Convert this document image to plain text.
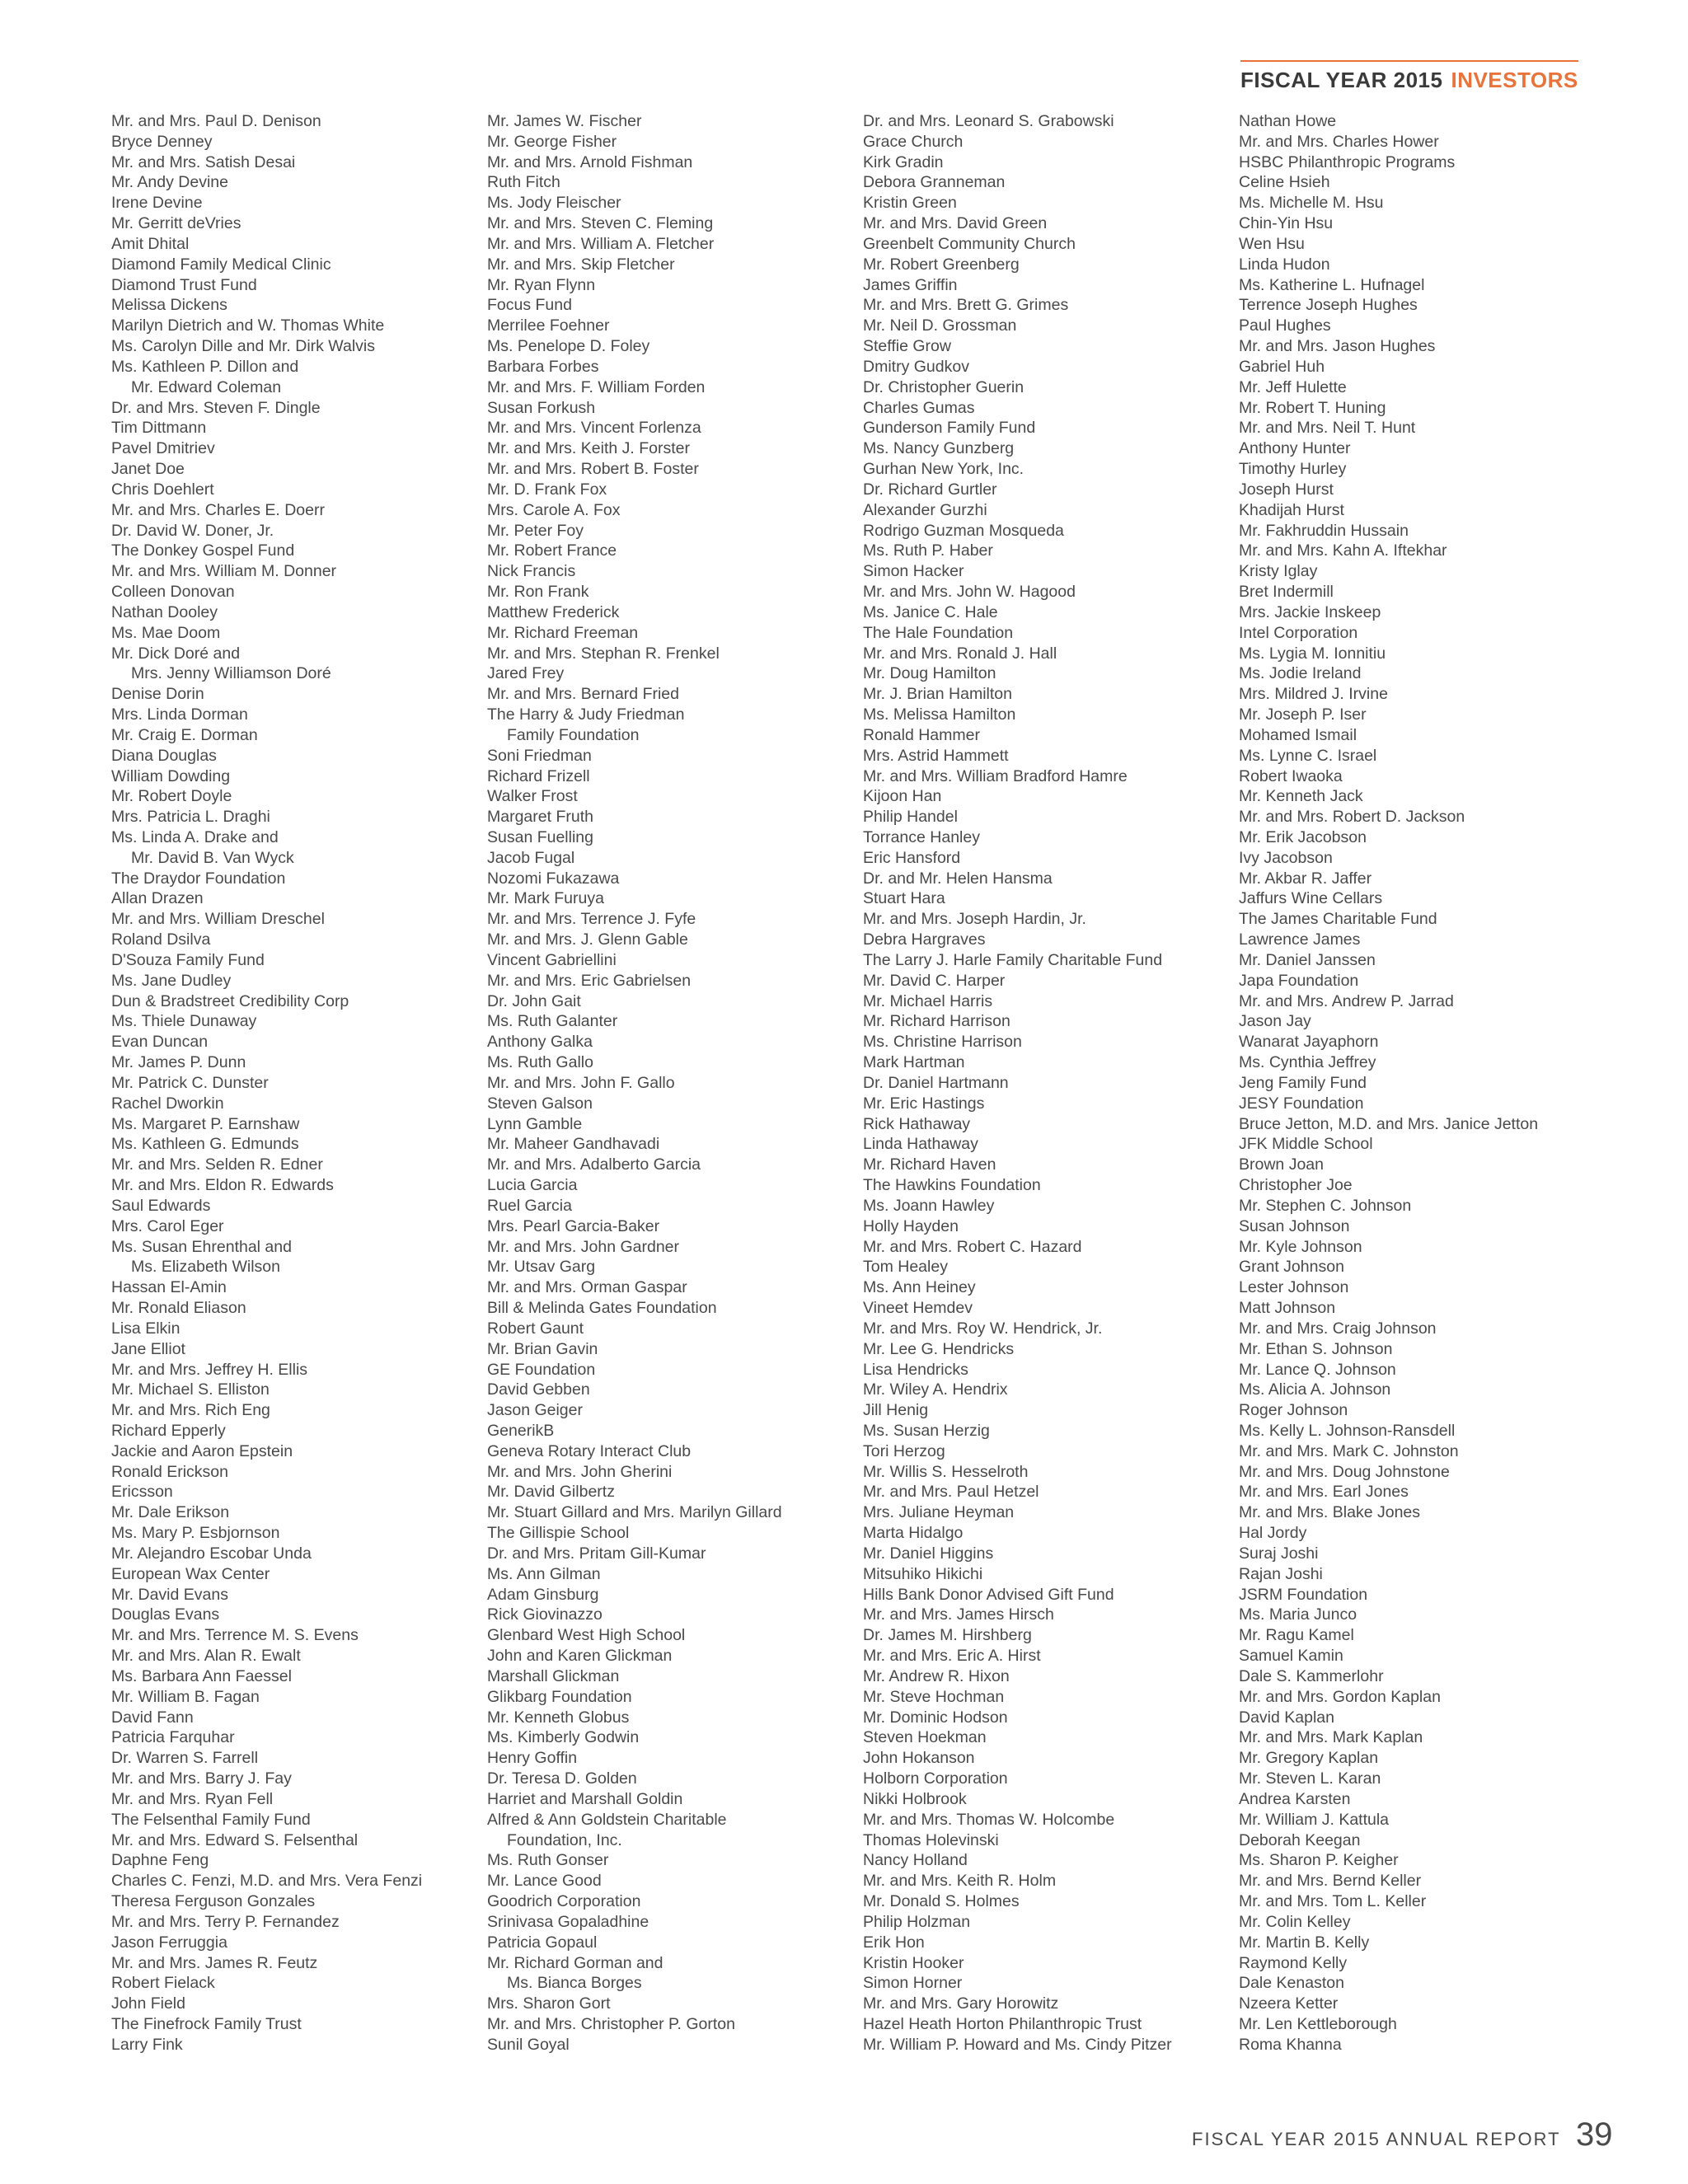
FISCAL YEAR 2015 INVESTORS
Mr. and Mrs. Paul D. Denison
Bryce Denney
Mr. and Mrs. Satish Desai
Mr. Andy Devine
Irene Devine
Mr. Gerritt deVries
Amit Dhital
Diamond Family Medical Clinic
Diamond Trust Fund
Melissa Dickens
Marilyn Dietrich and W. Thomas White
Ms. Carolyn Dille and Mr. Dirk Walvis
Ms. Kathleen P. Dillon and
Mr. Edward Coleman
Dr. and Mrs. Steven F. Dingle
Tim Dittmann
Pavel Dmitriev
Janet Doe
Chris Doehlert
Mr. and Mrs. Charles E. Doerr
Dr. David W. Doner, Jr.
The Donkey Gospel Fund
Mr. and Mrs. William M. Donner
Colleen Donovan
Nathan Dooley
Ms. Mae Doom
Mr. Dick Doré and
Mrs. Jenny Williamson Doré
Denise Dorin
Mrs. Linda Dorman
Mr. Craig E. Dorman
Diana Douglas
William Dowding
Mr. Robert Doyle
Mrs. Patricia L. Draghi
Ms. Linda A. Drake and
Mr. David B. Van Wyck
The Draydor Foundation
Allan Drazen
Mr. and Mrs. William Dreschel
Roland Dsilva
D'Souza Family Fund
Ms. Jane Dudley
Dun & Bradstreet Credibility Corp
Ms. Thiele Dunaway
Evan Duncan
Mr. James P. Dunn
Mr. Patrick C. Dunster
Rachel Dworkin
Ms. Margaret P. Earnshaw
Ms. Kathleen G. Edmunds
Mr. and Mrs. Selden R. Edner
Mr. and Mrs. Eldon R. Edwards
Saul Edwards
Mrs. Carol Eger
Ms. Susan Ehrenthal and
Ms. Elizabeth Wilson
Hassan El-Amin
Mr. Ronald Eliason
Lisa Elkin
Jane Elliot
Mr. and Mrs. Jeffrey H. Ellis
Mr. Michael S. Elliston
Mr. and Mrs. Rich Eng
Richard Epperly
Jackie and Aaron Epstein
Ronald Erickson
Ericsson
Mr. Dale Erikson
Ms. Mary P. Esbjornson
Mr. Alejandro Escobar Unda
European Wax Center
Mr. David Evans
Douglas Evans
Mr. and Mrs. Terrence M. S. Evens
Mr. and Mrs. Alan R. Ewalt
Ms. Barbara Ann Faessel
Mr. William B. Fagan
David Fann
Patricia Farquhar
Dr. Warren S. Farrell
Mr. and Mrs. Barry J. Fay
Mr. and Mrs. Ryan Fell
The Felsenthal Family Fund
Mr. and Mrs. Edward S. Felsenthal
Daphne Feng
Charles C. Fenzi, M.D. and Mrs. Vera Fenzi
Theresa Ferguson Gonzales
Mr. and Mrs. Terry P. Fernandez
Jason Ferruggia
Mr. and Mrs. James R. Feutz
Robert Fielack
John Field
The Finefrock Family Trust
Larry Fink
Mr. James W. Fischer
Mr. George Fisher
Mr. and Mrs. Arnold Fishman
Ruth Fitch
Ms. Jody Fleischer
Mr. and Mrs. Steven C. Fleming
Mr. and Mrs. William A. Fletcher
Mr. and Mrs. Skip Fletcher
Mr. Ryan Flynn
Focus Fund
Merrilee Foehner
Ms. Penelope D. Foley
Barbara Forbes
Mr. and Mrs. F. William Forden
Susan Forkush
Mr. and Mrs. Vincent Forlenza
Mr. and Mrs. Keith J. Forster
Mr. and Mrs. Robert B. Foster
Mr. D. Frank Fox
Mrs. Carole A. Fox
Mr. Peter Foy
Mr. Robert France
Nick Francis
Mr. Ron Frank
Matthew Frederick
Mr. Richard Freeman
Mr. and Mrs. Stephan R. Frenkel
Jared Frey
Mr. and Mrs. Bernard Fried
The Harry & Judy Friedman
Family Foundation
Soni Friedman
Richard Frizell
Walker Frost
Margaret Fruth
Susan Fuelling
Jacob Fugal
Nozomi Fukazawa
Mr. Mark Furuya
Mr. and Mrs. Terrence J. Fyfe
Mr. and Mrs. J. Glenn Gable
Vincent Gabriellini
Mr. and Mrs. Eric Gabrielsen
Dr. John Gait
Ms. Ruth Galanter
Anthony Galka
Ms. Ruth Gallo
Mr. and Mrs. John F. Gallo
Steven Galson
Lynn Gamble
Mr. Maheer Gandhavadi
Mr. and Mrs. Adalberto Garcia
Lucia Garcia
Ruel Garcia
Mrs. Pearl Garcia-Baker
Mr. and Mrs. John Gardner
Mr. Utsav Garg
Mr. and Mrs. Orman Gaspar
Bill & Melinda Gates Foundation
Robert Gaunt
Mr. Brian Gavin
GE Foundation
David Gebben
Jason Geiger
GenerikB
Geneva Rotary Interact Club
Mr. and Mrs. John Gherini
Mr. David Gilbertz
Mr. Stuart Gillard and Mrs. Marilyn Gillard
The Gillispie School
Dr. and Mrs. Pritam Gill-Kumar
Ms. Ann Gilman
Adam Ginsburg
Rick Giovinazzo
Glenbard West High School
John and Karen Glickman
Marshall Glickman
Glikbarg Foundation
Mr. Kenneth Globus
Ms. Kimberly Godwin
Henry Goffin
Dr. Teresa D. Golden
Harriet and Marshall Goldin
Alfred & Ann Goldstein Charitable
Foundation, Inc.
Ms. Ruth Gonser
Mr. Lance Good
Goodrich Corporation
Srinivasa Gopaladhine
Patricia Gopaul
Mr. Richard Gorman and
Ms. Bianca Borges
Mrs. Sharon Gort
Mr. and Mrs. Christopher P. Gorton
Sunil Goyal
Dr. and Mrs. Leonard S. Grabowski
Grace Church
Kirk Gradin
Debora Granneman
Kristin Green
Mr. and Mrs. David Green
Greenbelt Community Church
Mr. Robert Greenberg
James Griffin
Mr. and Mrs. Brett G. Grimes
Mr. Neil D. Grossman
Steffie Grow
Dmitry Gudkov
Dr. Christopher Guerin
Charles Gumas
Gunderson Family Fund
Ms. Nancy Gunzberg
Gurhan New York, Inc.
Dr. Richard Gurtler
Alexander Gurzhi
Rodrigo Guzman Mosqueda
Ms. Ruth P. Haber
Simon Hacker
Mr. and Mrs. John W. Hagood
Ms. Janice C. Hale
The Hale Foundation
Mr. and Mrs. Ronald J. Hall
Mr. Doug Hamilton
Mr. J. Brian Hamilton
Ms. Melissa Hamilton
Ronald Hammer
Mrs. Astrid Hammett
Mr. and Mrs. William Bradford Hamre
Kijoon Han
Philip Handel
Torrance Hanley
Eric Hansford
Dr. and Mr. Helen Hansma
Stuart Hara
Mr. and Mrs. Joseph Hardin, Jr.
Debra Hargraves
The Larry J. Harle Family Charitable Fund
Mr. David C. Harper
Mr. Michael Harris
Mr. Richard Harrison
Ms. Christine Harrison
Mark Hartman
Dr. Daniel Hartmann
Mr. Eric Hastings
Rick Hathaway
Linda Hathaway
Mr. Richard Haven
The Hawkins Foundation
Ms. Joann Hawley
Holly Hayden
Mr. and Mrs. Robert C. Hazard
Tom Healey
Ms. Ann Heiney
Vineet Hemdev
Mr. and Mrs. Roy W. Hendrick, Jr.
Mr. Lee G. Hendricks
Lisa Hendricks
Mr. Wiley A. Hendrix
Jill Henig
Ms. Susan Herzig
Tori Herzog
Mr. Willis S. Hesselroth
Mr. and Mrs. Paul Hetzel
Mrs. Juliane Heyman
Marta Hidalgo
Mr. Daniel Higgins
Mitsuhiko Hikichi
Hills Bank Donor Advised Gift Fund
Mr. and Mrs. James Hirsch
Dr. James M. Hirshberg
Mr. and Mrs. Eric A. Hirst
Mr. Andrew R. Hixon
Mr. Steve Hochman
Mr. Dominic Hodson
Steven Hoekman
John Hokanson
Holborn Corporation
Nikki Holbrook
Mr. and Mrs. Thomas W. Holcombe
Thomas Holevinski
Nancy Holland
Mr. and Mrs. Keith R. Holm
Mr. Donald S. Holmes
Philip Holzman
Erik Hon
Kristin Hooker
Simon Horner
Mr. and Mrs. Gary Horowitz
Hazel Heath Horton Philanthropic Trust
Mr. William P. Howard and Ms. Cindy Pitzer
Nathan Howe
Mr. and Mrs. Charles Hower
HSBC Philanthropic Programs
Celine Hsieh
Ms. Michelle M. Hsu
Chin-Yin Hsu
Wen Hsu
Linda Hudon
Ms. Katherine L. Hufnagel
Terrence Joseph Hughes
Paul Hughes
Mr. and Mrs. Jason Hughes
Gabriel Huh
Mr. Jeff Hulette
Mr. Robert T. Huning
Mr. and Mrs. Neil T. Hunt
Anthony Hunter
Timothy Hurley
Joseph Hurst
Khadijah Hurst
Mr. Fakhruddin Hussain
Mr. and Mrs. Kahn A. Iftekhar
Kristy Iglay
Bret Indermill
Mrs. Jackie Inskeep
Intel Corporation
Ms. Lygia M. Ionnitiu
Ms. Jodie Ireland
Mrs. Mildred J. Irvine
Mr. Joseph P. Iser
Mohamed Ismail
Ms. Lynne C. Israel
Robert Iwaoka
Mr. Kenneth Jack
Mr. and Mrs. Robert D. Jackson
Mr. Erik Jacobson
Ivy Jacobson
Mr. Akbar R. Jaffer
Jaffurs Wine Cellars
The James Charitable Fund
Lawrence James
Mr. Daniel Janssen
Japa Foundation
Mr. and Mrs. Andrew P. Jarrad
Jason Jay
Wanarat Jayaphorn
Ms. Cynthia Jeffrey
Jeng Family Fund
JESY Foundation
Bruce Jetton, M.D. and Mrs. Janice Jetton
JFK Middle School
Brown Joan
Christopher Joe
Mr. Stephen C. Johnson
Susan Johnson
Mr. Kyle Johnson
Grant Johnson
Lester Johnson
Matt Johnson
Mr. and Mrs. Craig Johnson
Mr. Ethan S. Johnson
Mr. Lance Q. Johnson
Ms. Alicia A. Johnson
Roger Johnson
Ms. Kelly L. Johnson-Ransdell
Mr. and Mrs. Mark C. Johnston
Mr. and Mrs. Doug Johnstone
Mr. and Mrs. Earl Jones
Mr. and Mrs. Blake Jones
Hal Jordy
Suraj Joshi
Rajan Joshi
JSRM Foundation
Ms. Maria Junco
Mr. Ragu Kamel
Samuel Kamin
Dale S. Kammerlohr
Mr. and Mrs. Gordon Kaplan
David Kaplan
Mr. and Mrs. Mark Kaplan
Mr. Gregory Kaplan
Mr. Steven L. Karan
Andrea Karsten
Mr. William J. Kattula
Deborah Keegan
Ms. Sharon P. Keigher
Mr. and Mrs. Bernd Keller
Mr. and Mrs. Tom L. Keller
Mr. Colin Kelley
Mr. Martin B. Kelly
Raymond Kelly
Dale Kenaston
Nzeera Ketter
Mr. Len Kettleborough
Roma Khanna
FISCAL YEAR 2015 ANNUAL REPORT 39
